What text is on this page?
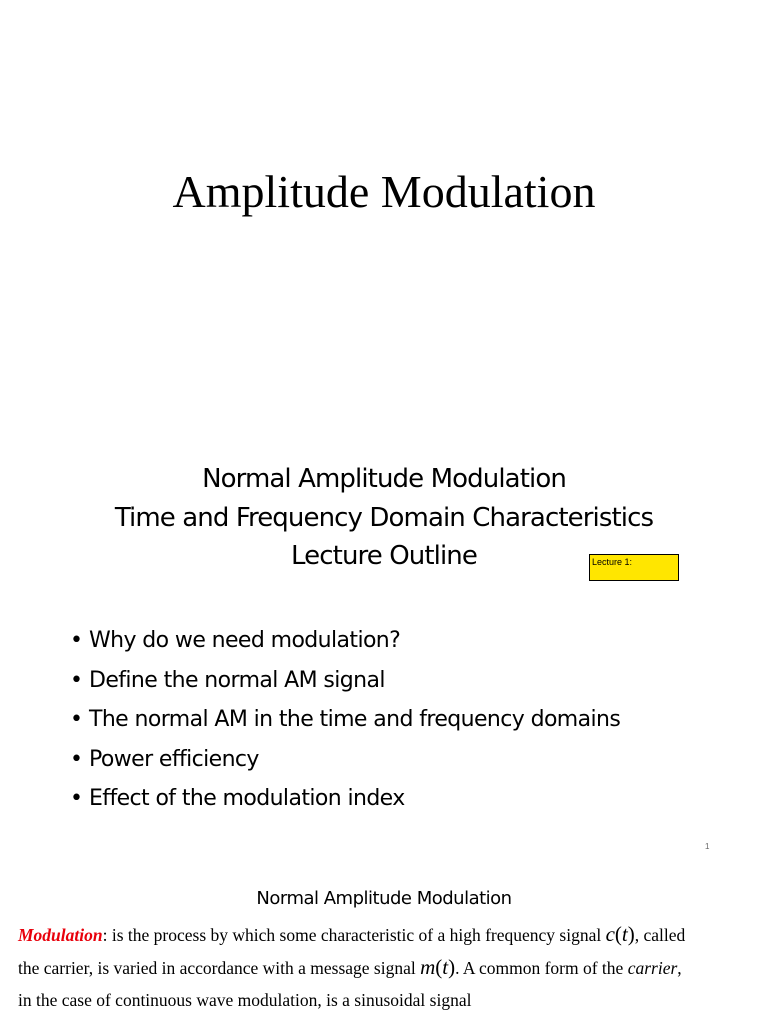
Amplitude Modulation
Normal Amplitude Modulation
Time and Frequency Domain Characteristics
Lecture Outline	Lecture 1:
• Why do we need modulation?
• Define the normal AM signal
• The normal AM in the time and frequency domains
• Power efficiency
• Effect of the modulation index
1
Normal Amplitude Modulation
Modulation: is the process by which some characteristic of a high frequency signal c(t), called
the carrier, is varied in accordance with a message signal m(t). A common form of the carrier,
in the case of continuous wave modulation, is a sinusoidal signal
